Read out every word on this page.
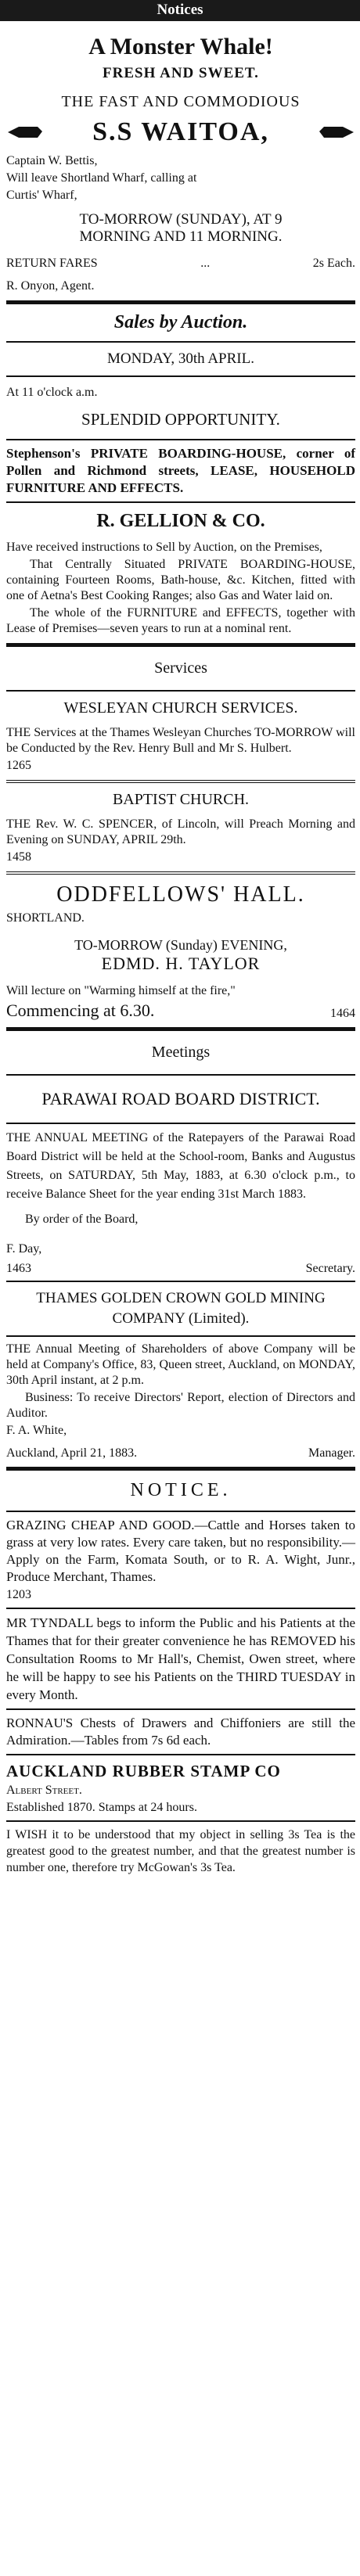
Notices
A Monster Whale!
FRESH AND SWEET.
THE FAST AND COMMODIOUS
S.S WAITOA,
Captain W. Bettis,
Will leave Shortland Wharf, calling at
Curtis' Wharf,
TO-MORROW (SUNDAY), AT 9
MORNING AND 11 MORNING.
RETURN FARES	...	2s Each.
R. Onyon, Agent.
Sales by Auction.
MONDAY, 30th APRIL.
At 11 o'clock a.m.
SPLENDID OPPORTUNITY.
Stephenson's PRIVATE BOARDING-HOUSE, corner of Pollen and Richmond streets, LEASE, HOUSEHOLD FURNITURE AND EFFECTS.
R. GELLION & CO.
Have received instructions to Sell by Auction, on the Premises,
That Centrally Situated PRIVATE BOARDING-HOUSE, containing Fourteen Rooms, Bath-house, &c. Kitchen, fitted with one of Aetna's Best Cooking Ranges; also Gas and Water laid on.
The whole of the FURNITURE and EFFECTS, together with Lease of Premises—seven years to run at a nominal rent.
Services
WESLEYAN CHURCH SERVICES.
THE Services at the Thames Wesleyan Churches TO-MORROW will be Conducted by the Rev. Henry Bull and Mr S. Hulbert.
1265
BAPTIST CHURCH.
THE Rev. W. C. SPENCER, of Lincoln, will Preach Morning and Evening on SUNDAY, APRIL 29th.
1458
ODDFELLOWS' HALL.
SHORTLAND.
TO-MORROW (Sunday) EVENING,
EDMD. H. TAYLOR
Will lecture on "Warming himself at the fire,"
Commencing at 6.30.	1464
Meetings
PARAWAI ROAD BOARD DISTRICT.
THE ANNUAL MEETING of the Ratepayers of the Parawai Road Board District will be held at the School-room, Banks and Augustus Streets, on SATURDAY, 5th May, 1883, at 6.30 o'clock p.m., to receive Balance Sheet for the year ending 31st March 1883.
By order of the Board,
F. Day,
1463	Secretary.
THAMES GOLDEN CROWN GOLD MINING COMPANY (Limited).
THE Annual Meeting of Shareholders of above Company will be held at Company's Office, 83, Queen street, Auckland, on MONDAY, 30th April instant, at 2 p.m.
Business: To receive Directors' Report, election of Directors and Auditor.
F. A. White,
Auckland, April 21, 1883.	Manager.
NOTICE.
GRAZING CHEAP AND GOOD.—Cattle and Horses taken to grass at very low rates. Every care taken, but no responsibility.—Apply on the Farm, Komata South, or to R. A. Wight, Junr., Produce Merchant, Thames.
1203
MR TYNDALL begs to inform the Public and his Patients at the Thames that for their greater convenience he has REMOVED his Consultation Rooms to Mr Hall's, Chemist, Owen street, where he will be happy to see his Patients on the THIRD TUESDAY in every Month.
RONNAU'S Chests of Drawers and Chiffoniers are still the Admiration.—Tables from 7s 6d each.
AUCKLAND RUBBER STAMP CO
Albert Street.
Established 1870. Stamps at 24 hours.
I WISH it to be understood that my object in selling 3s Tea is the greatest good to the greatest number, and that the greatest number is number one, therefore try McGowan's 3s Tea.
